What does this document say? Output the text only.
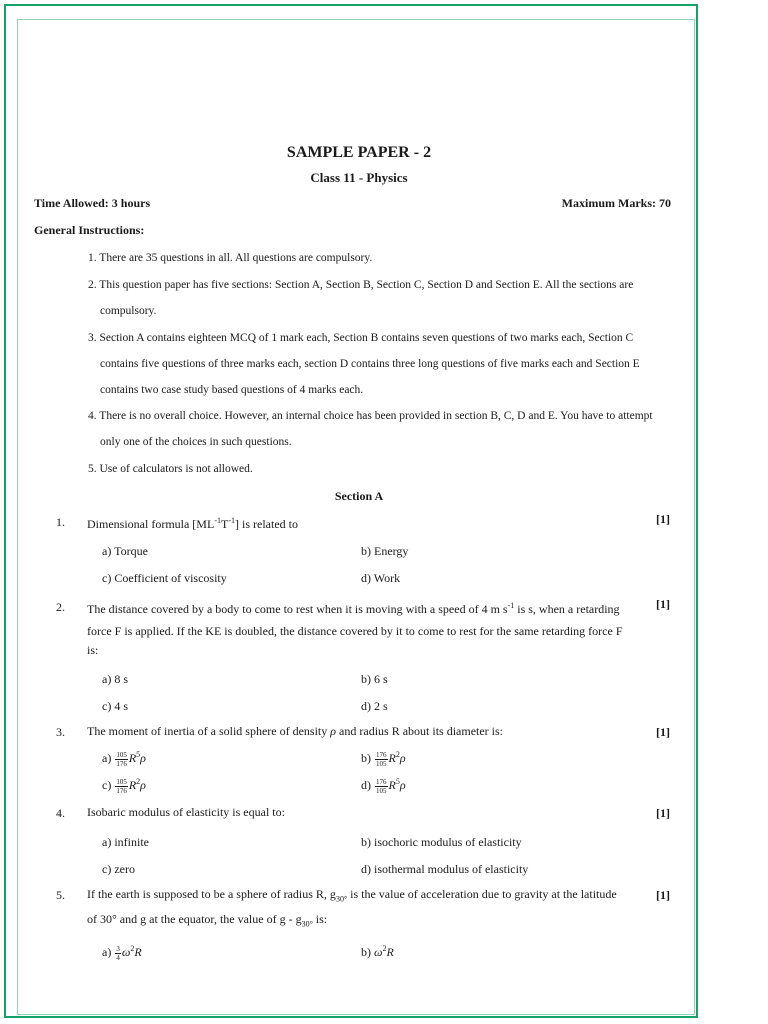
SAMPLE PAPER - 2
Class 11 - Physics
Time Allowed: 3 hours	Maximum Marks: 70
General Instructions:
1. There are 35 questions in all. All questions are compulsory.
2. This question paper has five sections: Section A, Section B, Section C, Section D and Section E. All the sections are compulsory.
3. Section A contains eighteen MCQ of 1 mark each, Section B contains seven questions of two marks each, Section C contains five questions of three marks each, section D contains three long questions of five marks each and Section E contains two case study based questions of 4 marks each.
4. There is no overall choice. However, an internal choice has been provided in section B, C, D and E. You have to attempt only one of the choices in such questions.
5. Use of calculators is not allowed.
Section A
1. Dimensional formula $[ML^{-1}T^{-1}]$ is related to	[1]
a) Torque	b) Energy
c) Coefficient of viscosity	d) Work
2. The distance covered by a body to come to rest when it is moving with a speed of 4 m $s^{-1}$ is s, when a retarding
force F is applied. If the KE is doubled, the distance covered by it to come to rest for the same retarding force F
is:
[1]
a) 8 s	b) 6 s
c) 4 s	d) 2 s
3. The moment of inertia of a solid sphere of density ρ and radius R about its diameter is:	[1]
$a) \frac{105}{176} R^5\rho$	$b) \frac{176}{105} R^2\rho$
$c) \frac{105}{176} R^2\rho$	$d) \frac{176}{105} R^5\rho$
4. Isobaric modulus of elasticity is equal to:	[1]
a) infinite	b) isochoric modulus of elasticity
c) zero	d) isothermal modulus of elasticity
5. If the earth is supposed to be a sphere of radius R, $g_{30^\circ}$ is the value of acceleration due to gravity at the latitude
of 30° and g at the equator, the value of g - $g_{30^\circ}$ is:
[1]
$a) \frac{3}{4} \omega^2R$	b) $\omega^2R$
